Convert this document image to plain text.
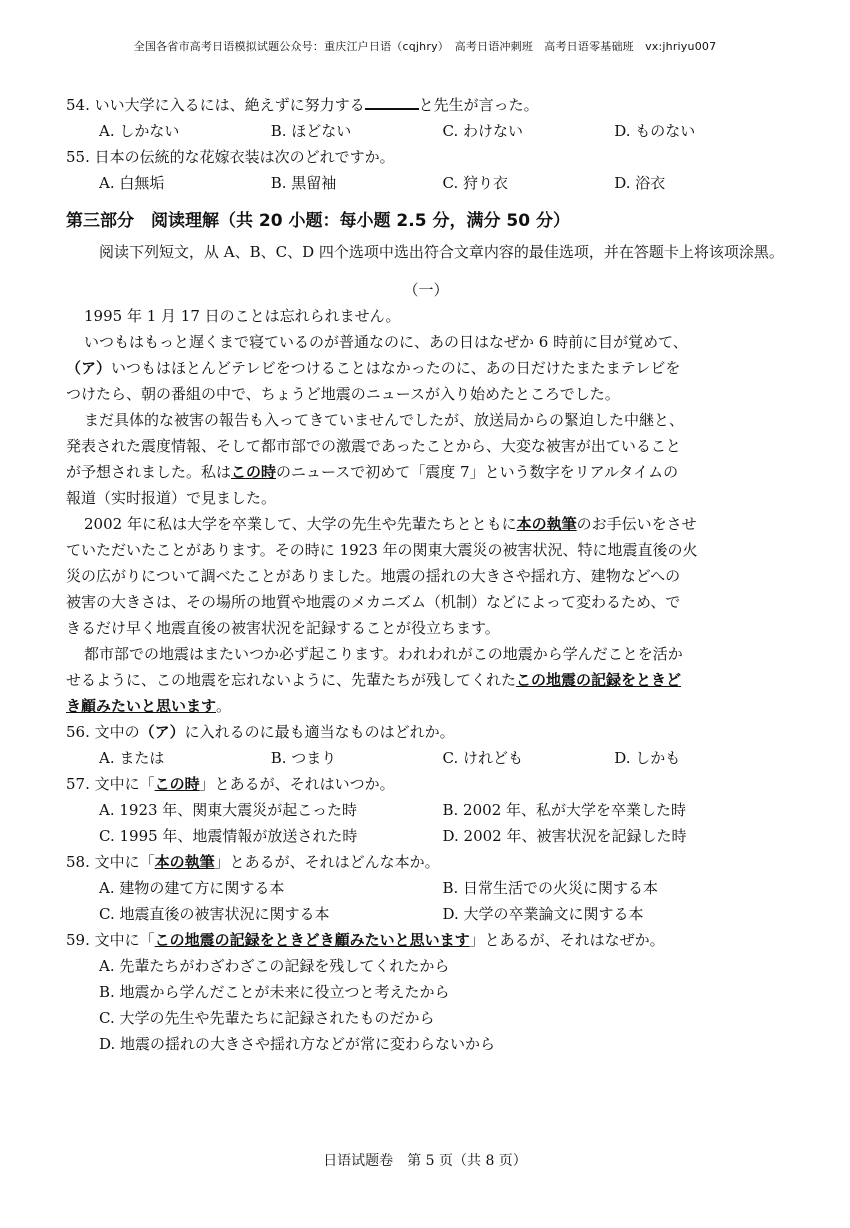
全国各省市高考日语模拟试题公众号：重庆江户日语（cqjhry）　高考日语冲刺班　高考日语零基础班　vx:jhriyu007
54. いい大学に入るには、絶えずに努力する	と先生が言った。
A. しかない	B. ほどない	C. わけない	D. ものない
55. 日本の伝統的な花嫁衣装は次のどれですか。
A. 白無垢	B. 黒留袖	C. 狩り衣	D. 浴衣
第三部分　阅读理解（共 20 小题：每小题 2.5 分，满分 50 分）
阅读下列短文，从 A、B、C、D 四个选项中选出符合文章内容的最佳选项，并在答题卡上将该项涂黑。
（一）
1995 年 1 月 17 日のことは忘れられません。
いつもはもっと遅くまで寝ているのが普通なのに、あの日はなぜか 6 時前に目が覚めて、
（ア）いつもはほとんどテレビをつけることはなかったのに、あの日だけたまたまテレビを
つけたら、朝の番組の中で、ちょうど地震のニュースが入り始めたところでした。
まだ具体的な被害の報告も入ってきていませんでしたが、放送局からの緊迫した中継と、
発表された震度情報、そして都市部での激震であったことから、大変な被害が出ていること
が予想されました。私はこの時のニュースで初めて「震度 7」という数字をリアルタイムの
報道（实时报道）で見ました。
2002 年に私は大学を卒業して、大学の先生や先輩たちとともに本の執筆のお手伝いをさせ
ていただいたことがあります。その時に 1923 年の関東大震災の被害状況、特に地震直後の火
災の広がりについて調べたことがありました。地震の揺れの大きさや揺れ方、建物などへの
被害の大きさは、その場所の地質や地震のメカニズム（机制）などによって変わるため、で
きるだけ早く地震直後の被害状況を記録することが役立ちます。
都市部での地震はまたいつか必ず起こります。われわれがこの地震から学んだことを活か
せるように、この地震を忘れないように、先輩たちが残してくれたこの地震の記録をときど
き顧みたいと思います。
56. 文中の（ア）に入れるのに最も適当なものはどれか。
A. または	B. つまり	C. けれども	D. しかも
57. 文中に「この時」とあるが、それはいつか。
A. 1923 年、関東大震災が起こった時	B. 2002 年、私が大学を卒業した時
C. 1995 年、地震情報が放送された時	D. 2002 年、被害状況を記録した時
58. 文中に「本の執筆」とあるが、それはどんな本か。
A. 建物の建て方に関する本	B. 日常生活での火災に関する本
C. 地震直後の被害状況に関する本	D. 大学の卒業論文に関する本
59. 文中に「この地震の記録をときどき顧みたいと思います」とあるが、それはなぜか。
A. 先輩たちがわざわざこの記録を残してくれたから
B. 地震から学んだことが未来に役立つと考えたから
C. 大学の先生や先輩たちに記録されたものだから
D. 地震の揺れの大きさや揺れ方などが常に変わらないから
日语试题卷　第 5 页（共 8 页）
